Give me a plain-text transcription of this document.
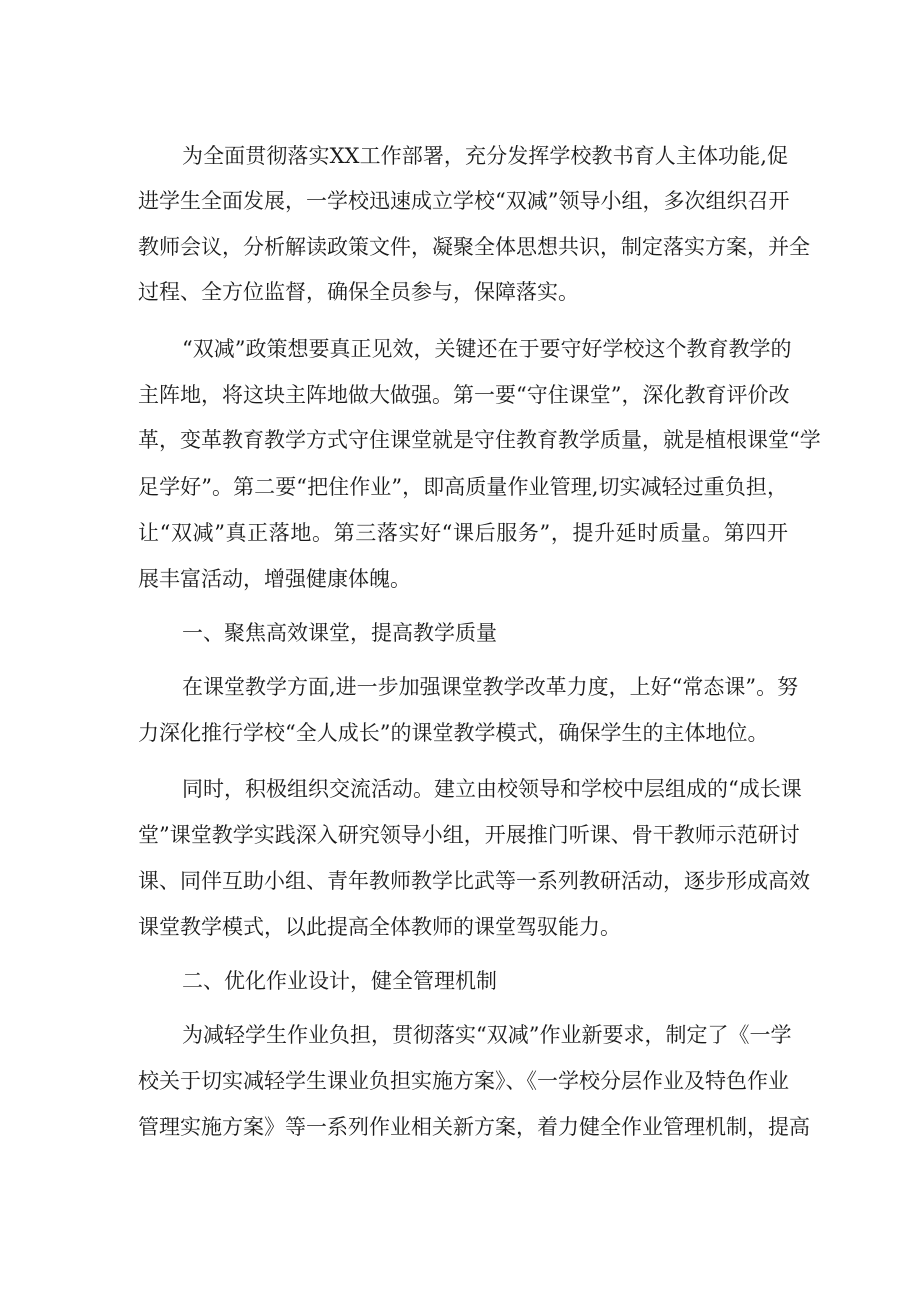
为全面贯彻落实XX工作部署，充分发挥学校教书育人主体功能,促
进学生全面发展，一学校迅速成立学校“双减”领导小组，多次组织召开
教师会议，分析解读政策文件，凝聚全体思想共识，制定落实方案，并全
过程、全方位监督，确保全员参与，保障落实。
“双减”政策想要真正见效，关键还在于要守好学校这个教育教学的
主阵地，将这块主阵地做大做强。第一要“守住课堂”，深化教育评价改
革，变革教育教学方式守住课堂就是守住教育教学质量，就是植根课堂“学
足学好”。第二要“把住作业”，即高质量作业管理,切实减轻过重负担，
让“双减”真正落地。第三落实好“课后服务”，提升延时质量。第四开
展丰富活动，增强健康体魄。
一、聚焦高效课堂，提高教学质量
在课堂教学方面,进一步加强课堂教学改革力度，上好“常态课”。努
力深化推行学校“全人成长”的课堂教学模式，确保学生的主体地位。
同时，积极组织交流活动。建立由校领导和学校中层组成的“成长课
堂”课堂教学实践深入研究领导小组，开展推门听课、骨干教师示范研讨
课、同伴互助小组、青年教师教学比武等一系列教研活动，逐步形成高效
课堂教学模式，以此提高全体教师的课堂驾驭能力。
二、优化作业设计，健全管理机制
为减轻学生作业负担，贯彻落实“双减”作业新要求，制定了《一学
校关于切实减轻学生课业负担实施方案》、《一学校分层作业及特色作业
管理实施方案》等一系列作业相关新方案，着力健全作业管理机制，提高
